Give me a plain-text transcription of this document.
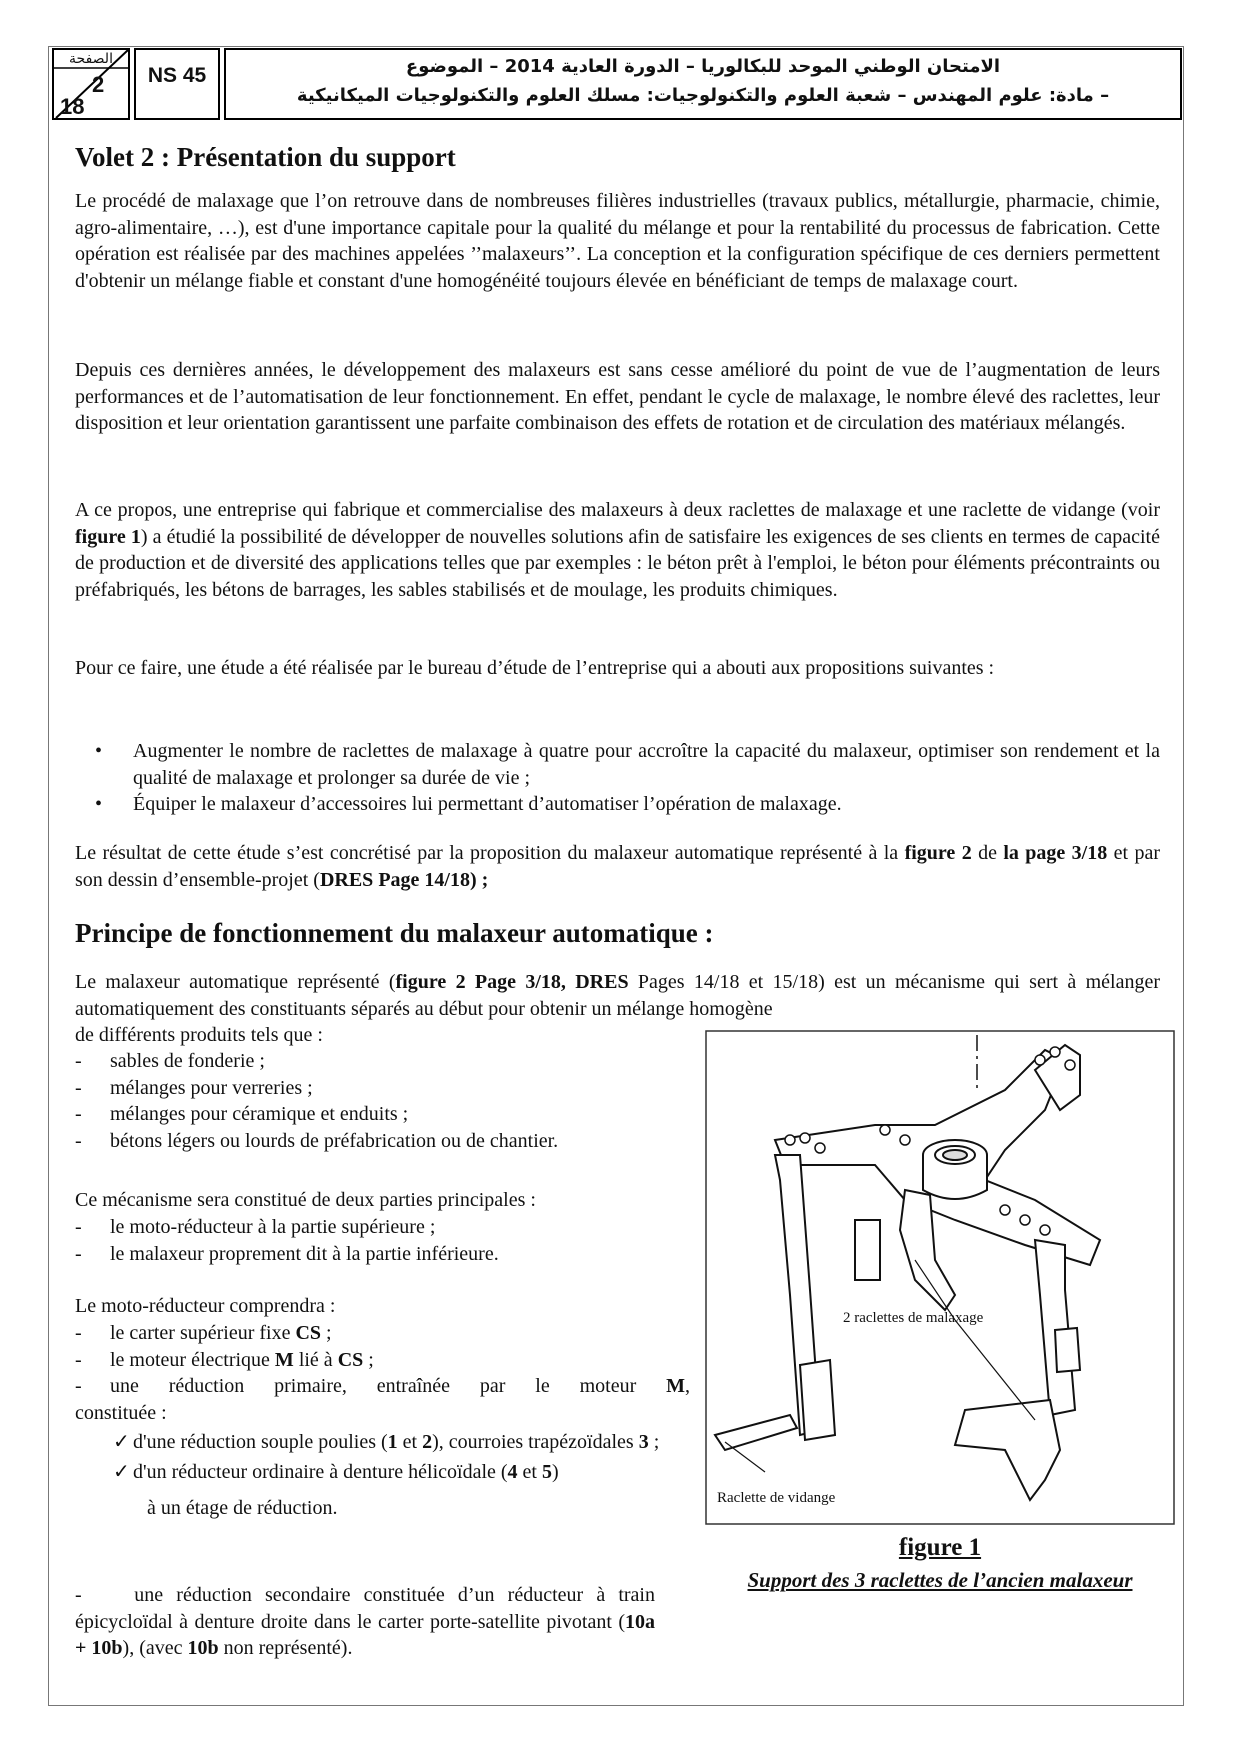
الصفحة
2
18
NS 45	الامتحان الوطني الموحد للبكالوريا – الدورة العادية 2014 – الموضوع
– مادة: علوم المهندس – شعبة العلوم والتكنولوجيات: مسلك العلوم والتكنولوجيات الميكانيكية
Volet 2 : Présentation du support

Le procédé de malaxage que l’on retrouve dans de nombreuses filières industrielles (travaux publics, métallurgie, pharmacie, chimie, agro-alimentaire, …), est d'une importance capitale pour la qualité du mélange et pour la rentabilité du processus de fabrication. Cette opération est réalisée par des machines appelées ’’malaxeurs’’. La conception et la configuration spécifique de ces derniers permettent d'obtenir un mélange fiable et constant d'une homogénéité toujours élevée en bénéficiant de temps de malaxage court.

Depuis ces dernières années, le développement des malaxeurs est sans cesse amélioré du point de vue de l’augmentation de leurs performances et de l’automatisation de leur fonctionnement. En effet, pendant le cycle de malaxage, le nombre élevé des raclettes, leur disposition et leur orientation garantissent une parfaite combinaison des effets de rotation et de circulation des matériaux mélangés.

A ce propos, une entreprise qui fabrique et commercialise des malaxeurs à deux raclettes de malaxage et une raclette de vidange (voir figure 1) a étudié la possibilité de développer de nouvelles solutions afin de satisfaire les exigences de ses clients en termes de capacité de production et de diversité des applications telles que par exemples : le béton prêt à l'emploi, le béton pour éléments précontraints ou préfabriqués, les bétons de barrages, les sables stabilisés et de moulage, les produits chimiques.

Pour ce faire, une étude a été réalisée par le bureau d’étude de l’entreprise qui a abouti aux propositions suivantes :

• Augmenter le nombre de raclettes de malaxage à quatre pour accroître la capacité du malaxeur, optimiser son rendement et la qualité de malaxage et prolonger sa durée de vie ;
• Équiper le malaxeur d’accessoires lui permettant d’automatiser l’opération de malaxage.

Le résultat de cette étude s’est concrétisé par la proposition du malaxeur automatique représenté à la figure 2 de la page 3/18 et par son dessin d’ensemble-projet (DRES Page 14/18) ;

Principe de fonctionnement du malaxeur automatique :

Le malaxeur automatique représenté (figure 2 Page 3/18, DRES Pages 14/18 et 15/18) est un mécanisme qui sert à mélanger automatiquement des constituants séparés au début pour obtenir un mélange homogène

de différents produits tels que :

- sables de fonderie ;
- mélanges pour verreries ;
- mélanges pour céramique et enduits ;
- bétons légers ou lourds de préfabrication ou de chantier.

Ce mécanisme sera constitué de deux parties principales :

- le moto-réducteur à la partie supérieure ;
- le malaxeur proprement dit à la partie inférieure.

Le moto-réducteur comprendra :

- le carter supérieur fixe CS ;
- le moteur électrique M lié à CS ;
- une réduction primaire, entraînée par le moteur M,
constituée :
✓ d'une réduction souple poulies (1 et 2), courroies trapézoïdales 3 ;
✓ d'un réducteur ordinaire à denture hélicoïdale (4 et 5)
à un étage de réduction.

-	une réduction secondaire constituée d’un réducteur à train épicycloïdal à denture droite dans le carter porte-satellite pivotant (10a + 10b), (avec 10b non représenté).

2 raclettes de malaxage
Raclette de vidange
figure 1
Support des 3 raclettes de l’ancien malaxeur
